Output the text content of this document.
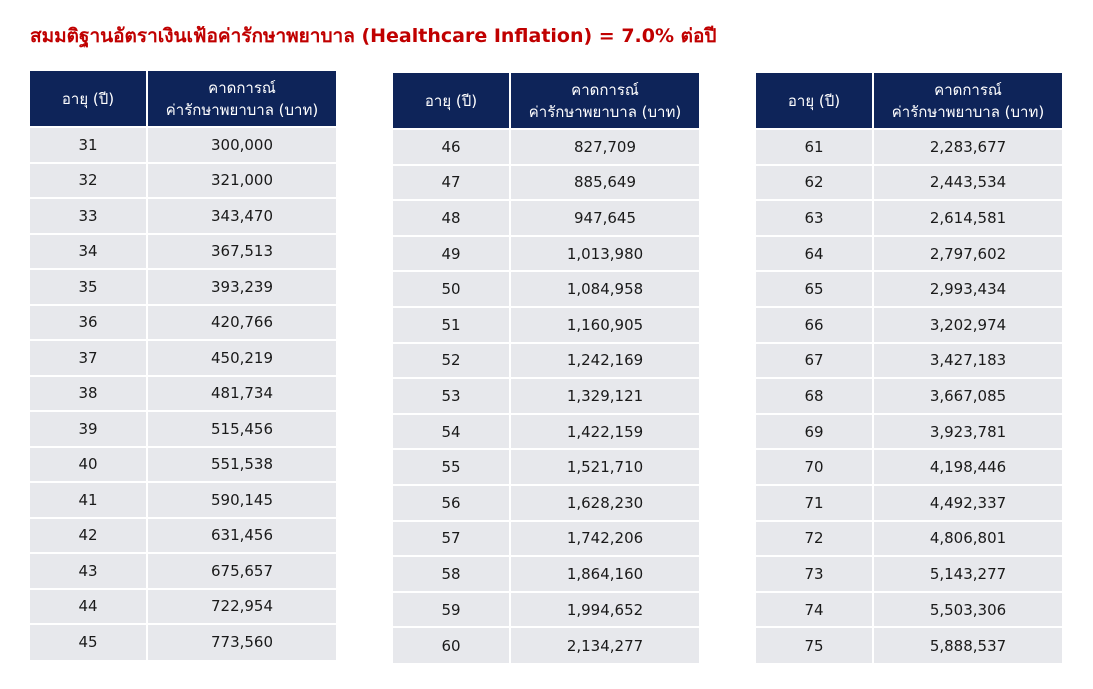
สมมติฐานอัตราเงินเฟ้อค่ารักษาพยาบาล (Healthcare Inflation) = 7.0% ต่อปี
อายุ (ปี)	คาดการณ์
ค่ารักษาพยาบาล (บาท)

31	300,000
32	321,000
33	343,470
34	367,513
35	393,239
36	420,766
37	450,219
38	481,734
39	515,456
40	551,538
41	590,145
42	631,456
43	675,657
44	722,954
45	773,560
อายุ (ปี)	คาดการณ์
ค่ารักษาพยาบาล (บาท)

46	827,709
47	885,649
48	947,645
49	1,013,980
50	1,084,958
51	1,160,905
52	1,242,169
53	1,329,121
54	1,422,159
55	1,521,710
56	1,628,230
57	1,742,206
58	1,864,160
59	1,994,652
60	2,134,277
อายุ (ปี)	คาดการณ์
ค่ารักษาพยาบาล (บาท)

61	2,283,677
62	2,443,534
63	2,614,581
64	2,797,602
65	2,993,434
66	3,202,974
67	3,427,183
68	3,667,085
69	3,923,781
70	4,198,446
71	4,492,337
72	4,806,801
73	5,143,277
74	5,503,306
75	5,888,537
